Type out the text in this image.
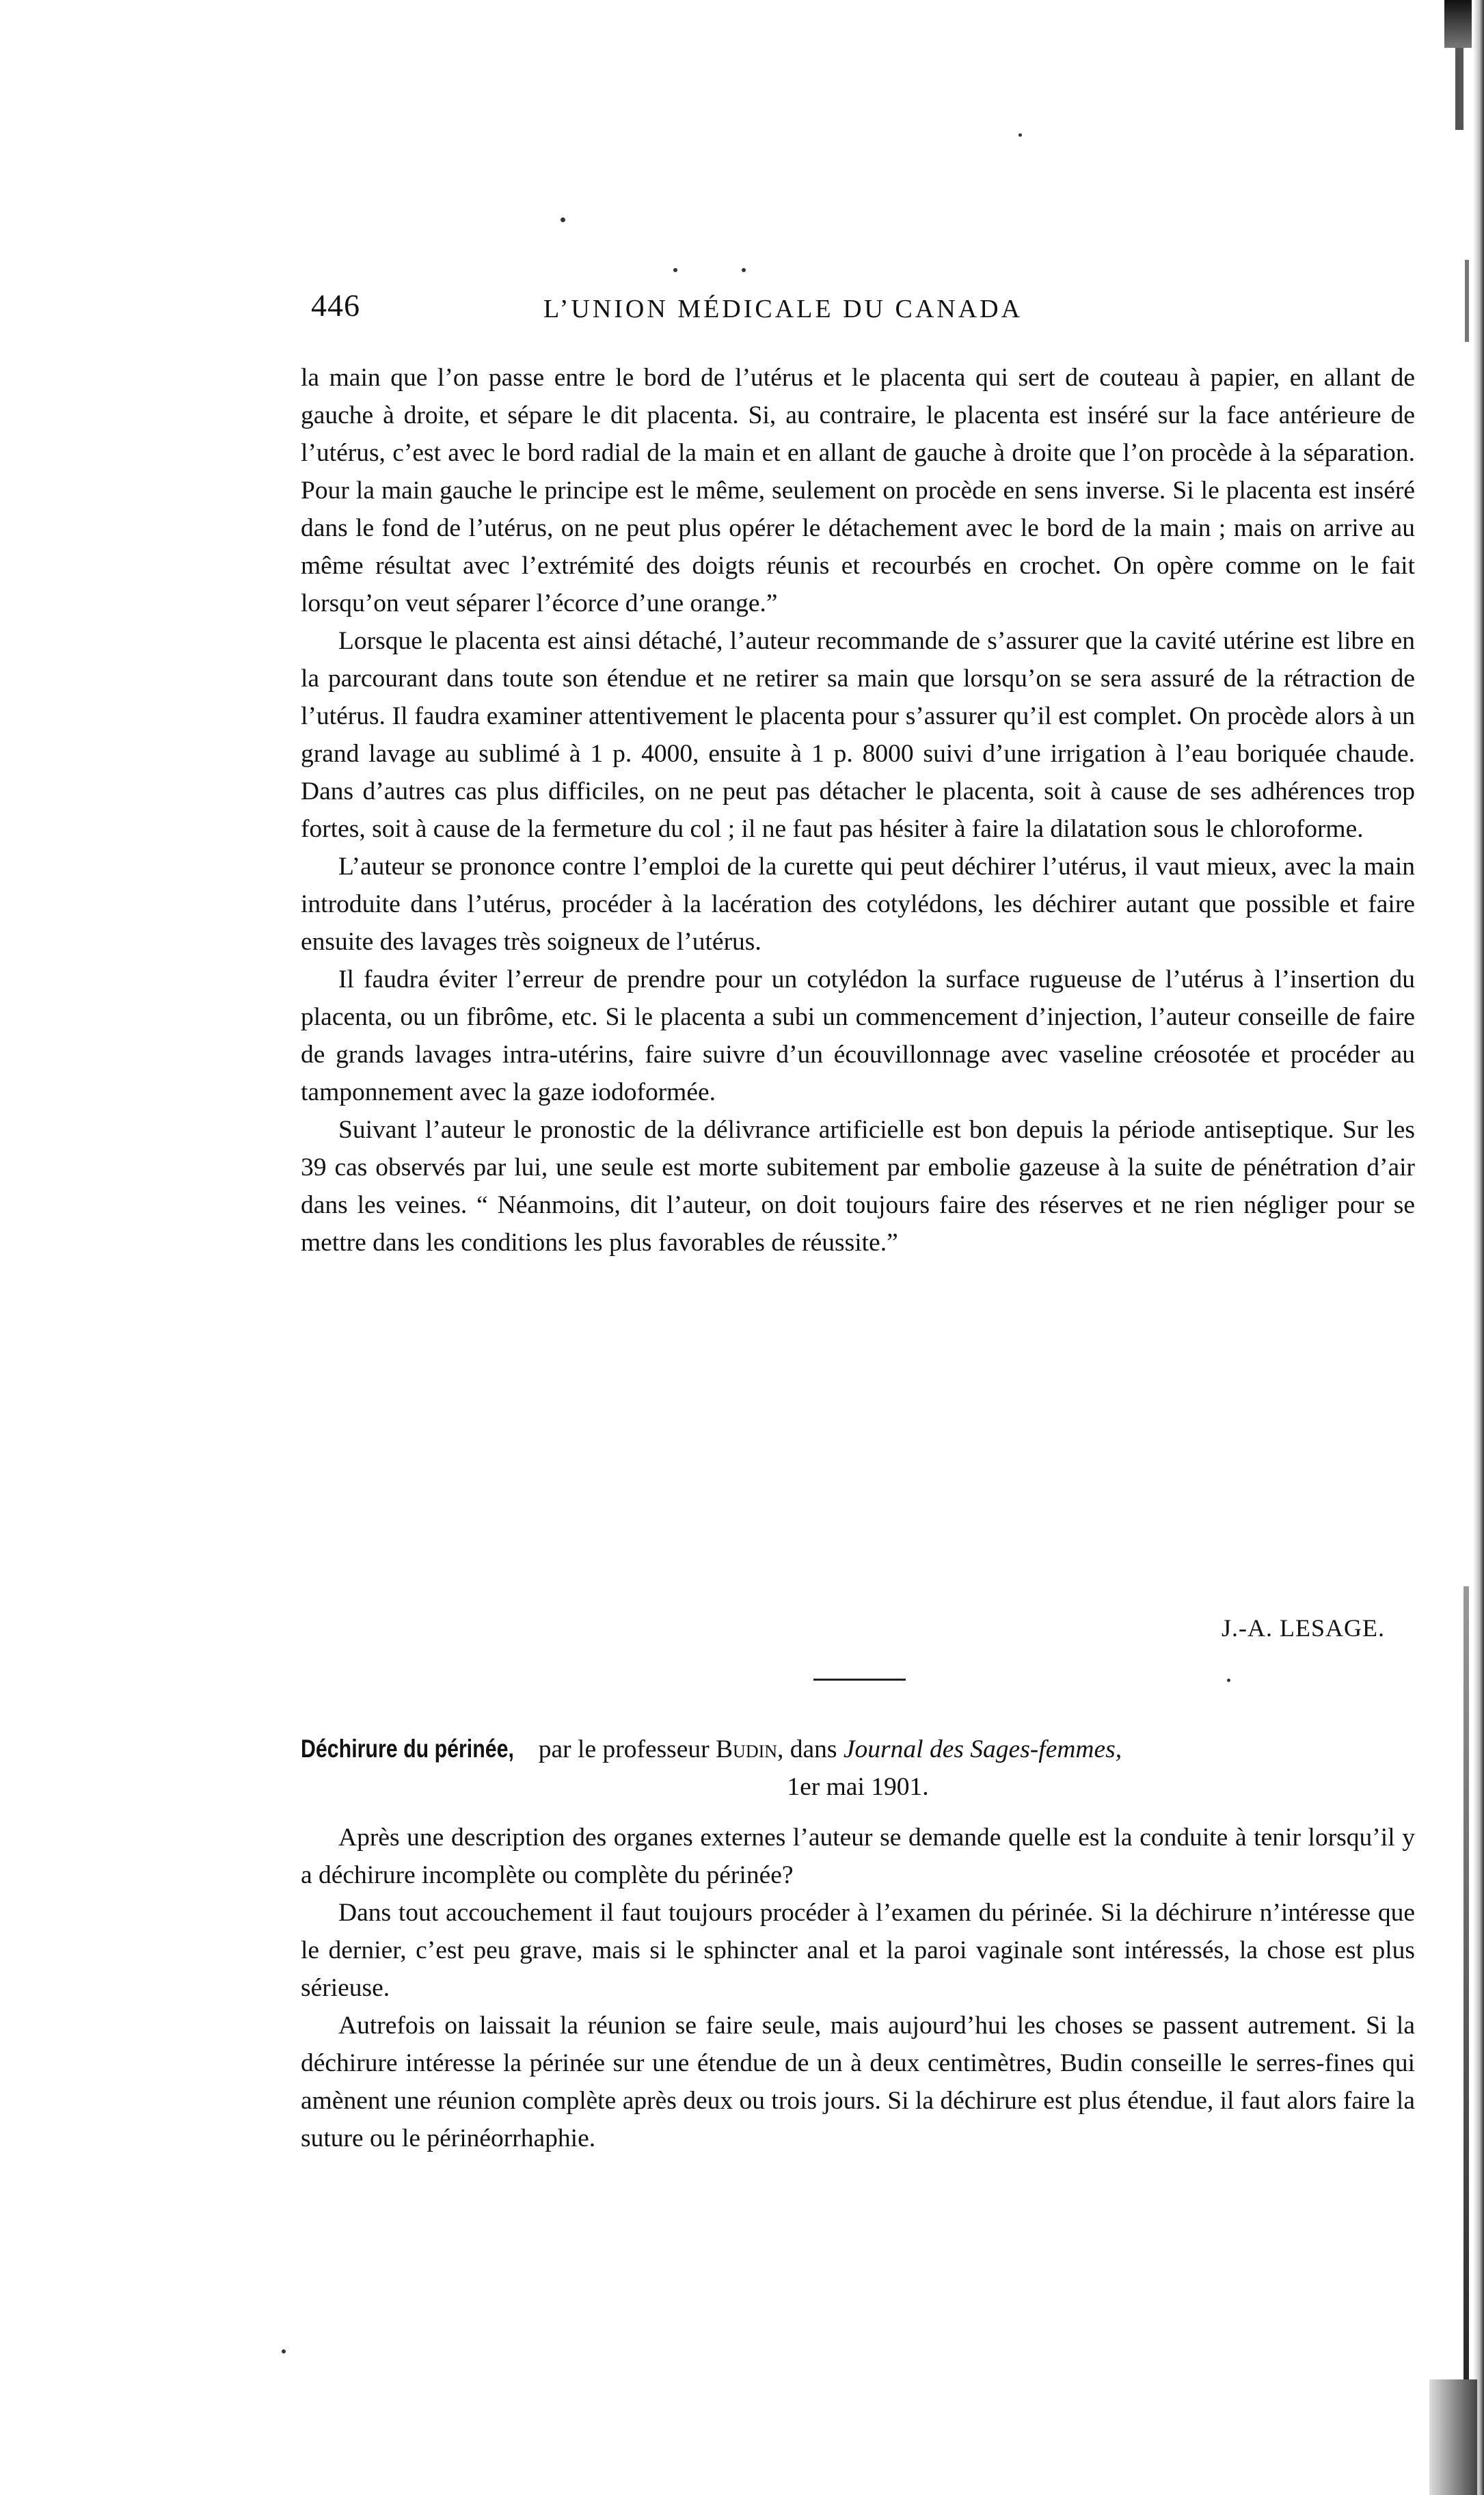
446	L’UNION MÉDICALE DU CANADA

la main que l’on passe entre le bord de l’utérus et le placenta qui sert de couteau à papier, en allant de gauche à droite, et sépare le dit placenta. Si, au contraire, le placenta est inséré sur la face antérieure de l’utérus, c’est avec le bord radial de la main et en allant de gauche à droite que l’on procède à la séparation. Pour la main gauche le principe est le même, seulement on procède en sens inverse. Si le placenta est inséré dans le fond de l’utérus, on ne peut plus opérer le détachement avec le bord de la main ; mais on arrive au même résultat avec l’extrémité des doigts réunis et recourbés en crochet. On opère comme on le fait lorsqu’on veut séparer l’écorce d’une orange.”

Lorsque le placenta est ainsi détaché, l’auteur recommande de s’assurer que la cavité utérine est libre en la parcourant dans toute son étendue et ne retirer sa main que lorsqu’on se sera assuré de la rétraction de l’utérus. Il faudra examiner attentivement le placenta pour s’assurer qu’il est complet. On procède alors à un grand lavage au sublimé à 1 p. 4000, ensuite à 1 p. 8000 suivi d’une irrigation à l’eau boriquée chaude. Dans d’autres cas plus difficiles, on ne peut pas détacher le placenta, soit à cause de ses adhérences trop fortes, soit à cause de la fermeture du col ; il ne faut pas hésiter à faire la dilatation sous le chloroforme.

L’auteur se prononce contre l’emploi de la curette qui peut déchirer l’utérus, il vaut mieux, avec la main introduite dans l’utérus, procéder à la lacération des cotylédons, les déchirer autant que possible et faire ensuite des lavages très soigneux de l’utérus.

Il faudra éviter l’erreur de prendre pour un cotylédon la surface rugueuse de l’utérus à l’insertion du placenta, ou un fibrôme, etc. Si le placenta a subi un commencement d’injection, l’auteur conseille de faire de grands lavages intra-utérins, faire suivre d’un écouvillonnage avec vaseline créosotée et procéder au tamponnement avec la gaze iodoformée.

Suivant l’auteur le pronostic de la délivrance artificielle est bon depuis la période antiseptique. Sur les 39 cas observés par lui, une seule est morte subitement par embolie gazeuse à la suite de pénétration d’air dans les veines. “ Néanmoins, dit l’auteur, on doit toujours faire des réserves et ne rien négliger pour se mettre dans les conditions les plus favorables de réussite.”

J.-A. LESAGE.
Déchirure du périnée, par le professeur Budin, dans Journal des Sages-femmes,
1er mai 1901.

Après une description des organes externes l’auteur se demande quelle est la conduite à tenir lorsqu’il y a déchirure incomplète ou complète du périnée?

Dans tout accouchement il faut toujours procéder à l’examen du périnée. Si la déchirure n’intéresse que le dernier, c’est peu grave, mais si le sphincter anal et la paroi vaginale sont intéressés, la chose est plus sérieuse.

Autrefois on laissait la réunion se faire seule, mais aujourd’hui les choses se passent autrement. Si la déchirure intéresse la périnée sur une étendue de un à deux centimètres, Budin conseille le serres-fines qui amènent une réunion complète après deux ou trois jours. Si la déchirure est plus étendue, il faut alors faire la suture ou le périnéorrhaphie.
